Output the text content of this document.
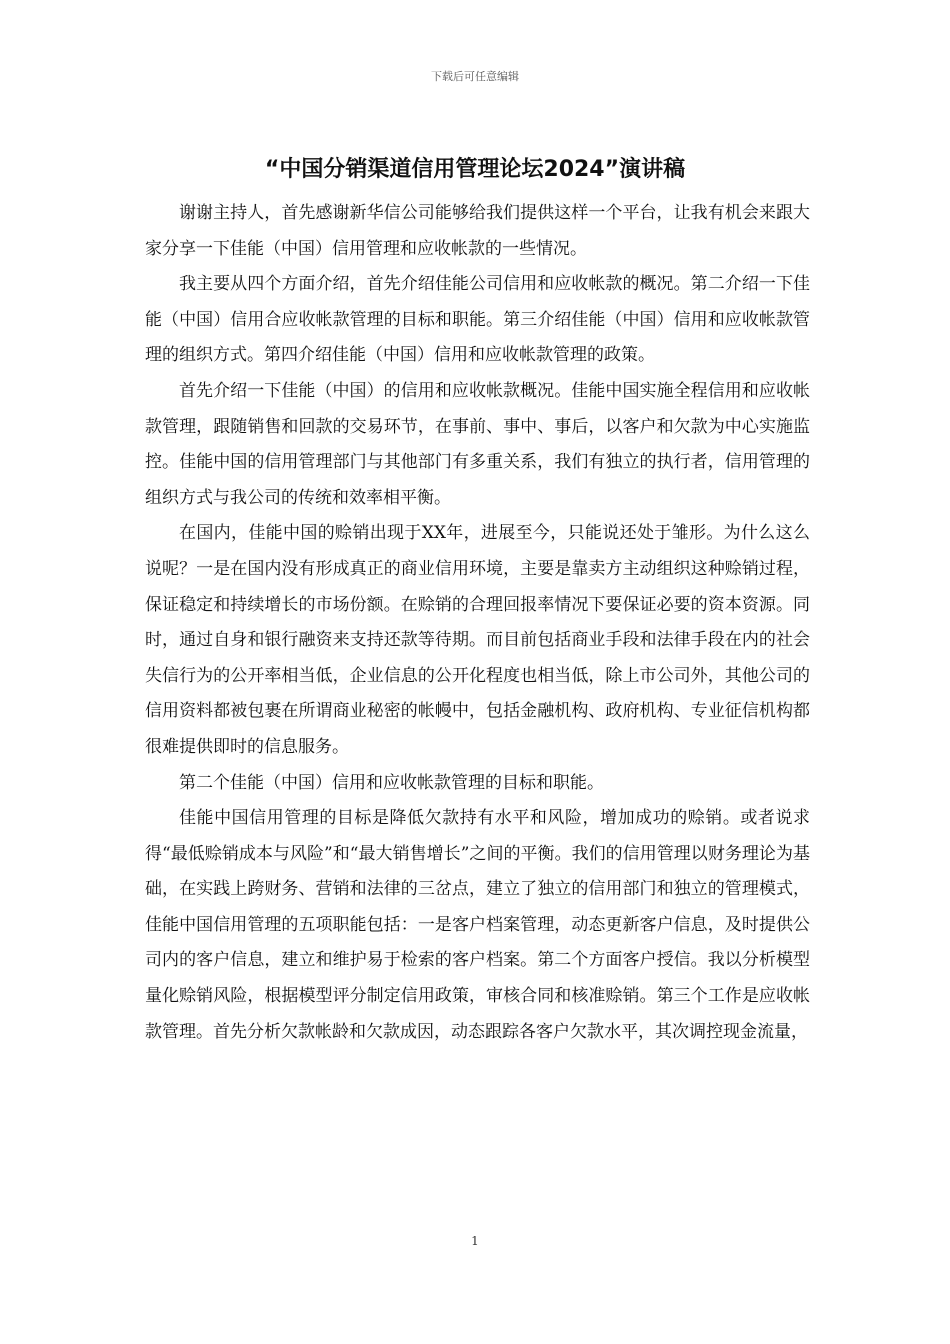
下载后可任意编辑
“中国分销渠道信用管理论坛2024”演讲稿

谢谢主持人，首先感谢新华信公司能够给我们提供这样一个平台，让我有机会来跟大家分享一下佳能（中国）信用管理和应收帐款的一些情况。

我主要从四个方面介绍，首先介绍佳能公司信用和应收帐款的概况。第二介绍一下佳能（中国）信用合应收帐款管理的目标和职能。第三介绍佳能（中国）信用和应收帐款管理的组织方式。第四介绍佳能（中国）信用和应收帐款管理的政策。

首先介绍一下佳能（中国）的信用和应收帐款概况。佳能中国实施全程信用和应收帐款管理，跟随销售和回款的交易环节，在事前、事中、事后，以客户和欠款为中心实施监控。佳能中国的信用管理部门与其他部门有多重关系，我们有独立的执行者，信用管理的组织方式与我公司的传统和效率相平衡。

在国内，佳能中国的赊销出现于XX年，进展至今，只能说还处于雏形。为什么这么说呢？一是在国内没有形成真正的商业信用环境，主要是靠卖方主动组织这种赊销过程，保证稳定和持续增长的市场份额。在赊销的合理回报率情况下要保证必要的资本资源。同时，通过自身和银行融资来支持还款等待期。而目前包括商业手段和法律手段在内的社会失信行为的公开率相当低，企业信息的公开化程度也相当低，除上市公司外，其他公司的信用资料都被包裹在所谓商业秘密的帐幔中，包括金融机构、政府机构、专业征信机构都很难提供即时的信息服务。

第二个佳能（中国）信用和应收帐款管理的目标和职能。

佳能中国信用管理的目标是降低欠款持有水平和风险，增加成功的赊销。或者说求得“最低赊销成本与风险”和“最大销售增长”之间的平衡。我们的信用管理以财务理论为基础，在实践上跨财务、营销和法律的三岔点，建立了独立的信用部门和独立的管理模式，佳能中国信用管理的五项职能包括：一是客户档案管理，动态更新客户信息，及时提供公司内的客户信息，建立和维护易于检索的客户档案。第二个方面客户授信。我以分析模型量化赊销风险，根据模型评分制定信用政策，审核合同和核准赊销。第三个工作是应收帐款管理。首先分析欠款帐龄和欠款成因，动态跟踪各客户欠款水平，其次调控现金流量，

1
